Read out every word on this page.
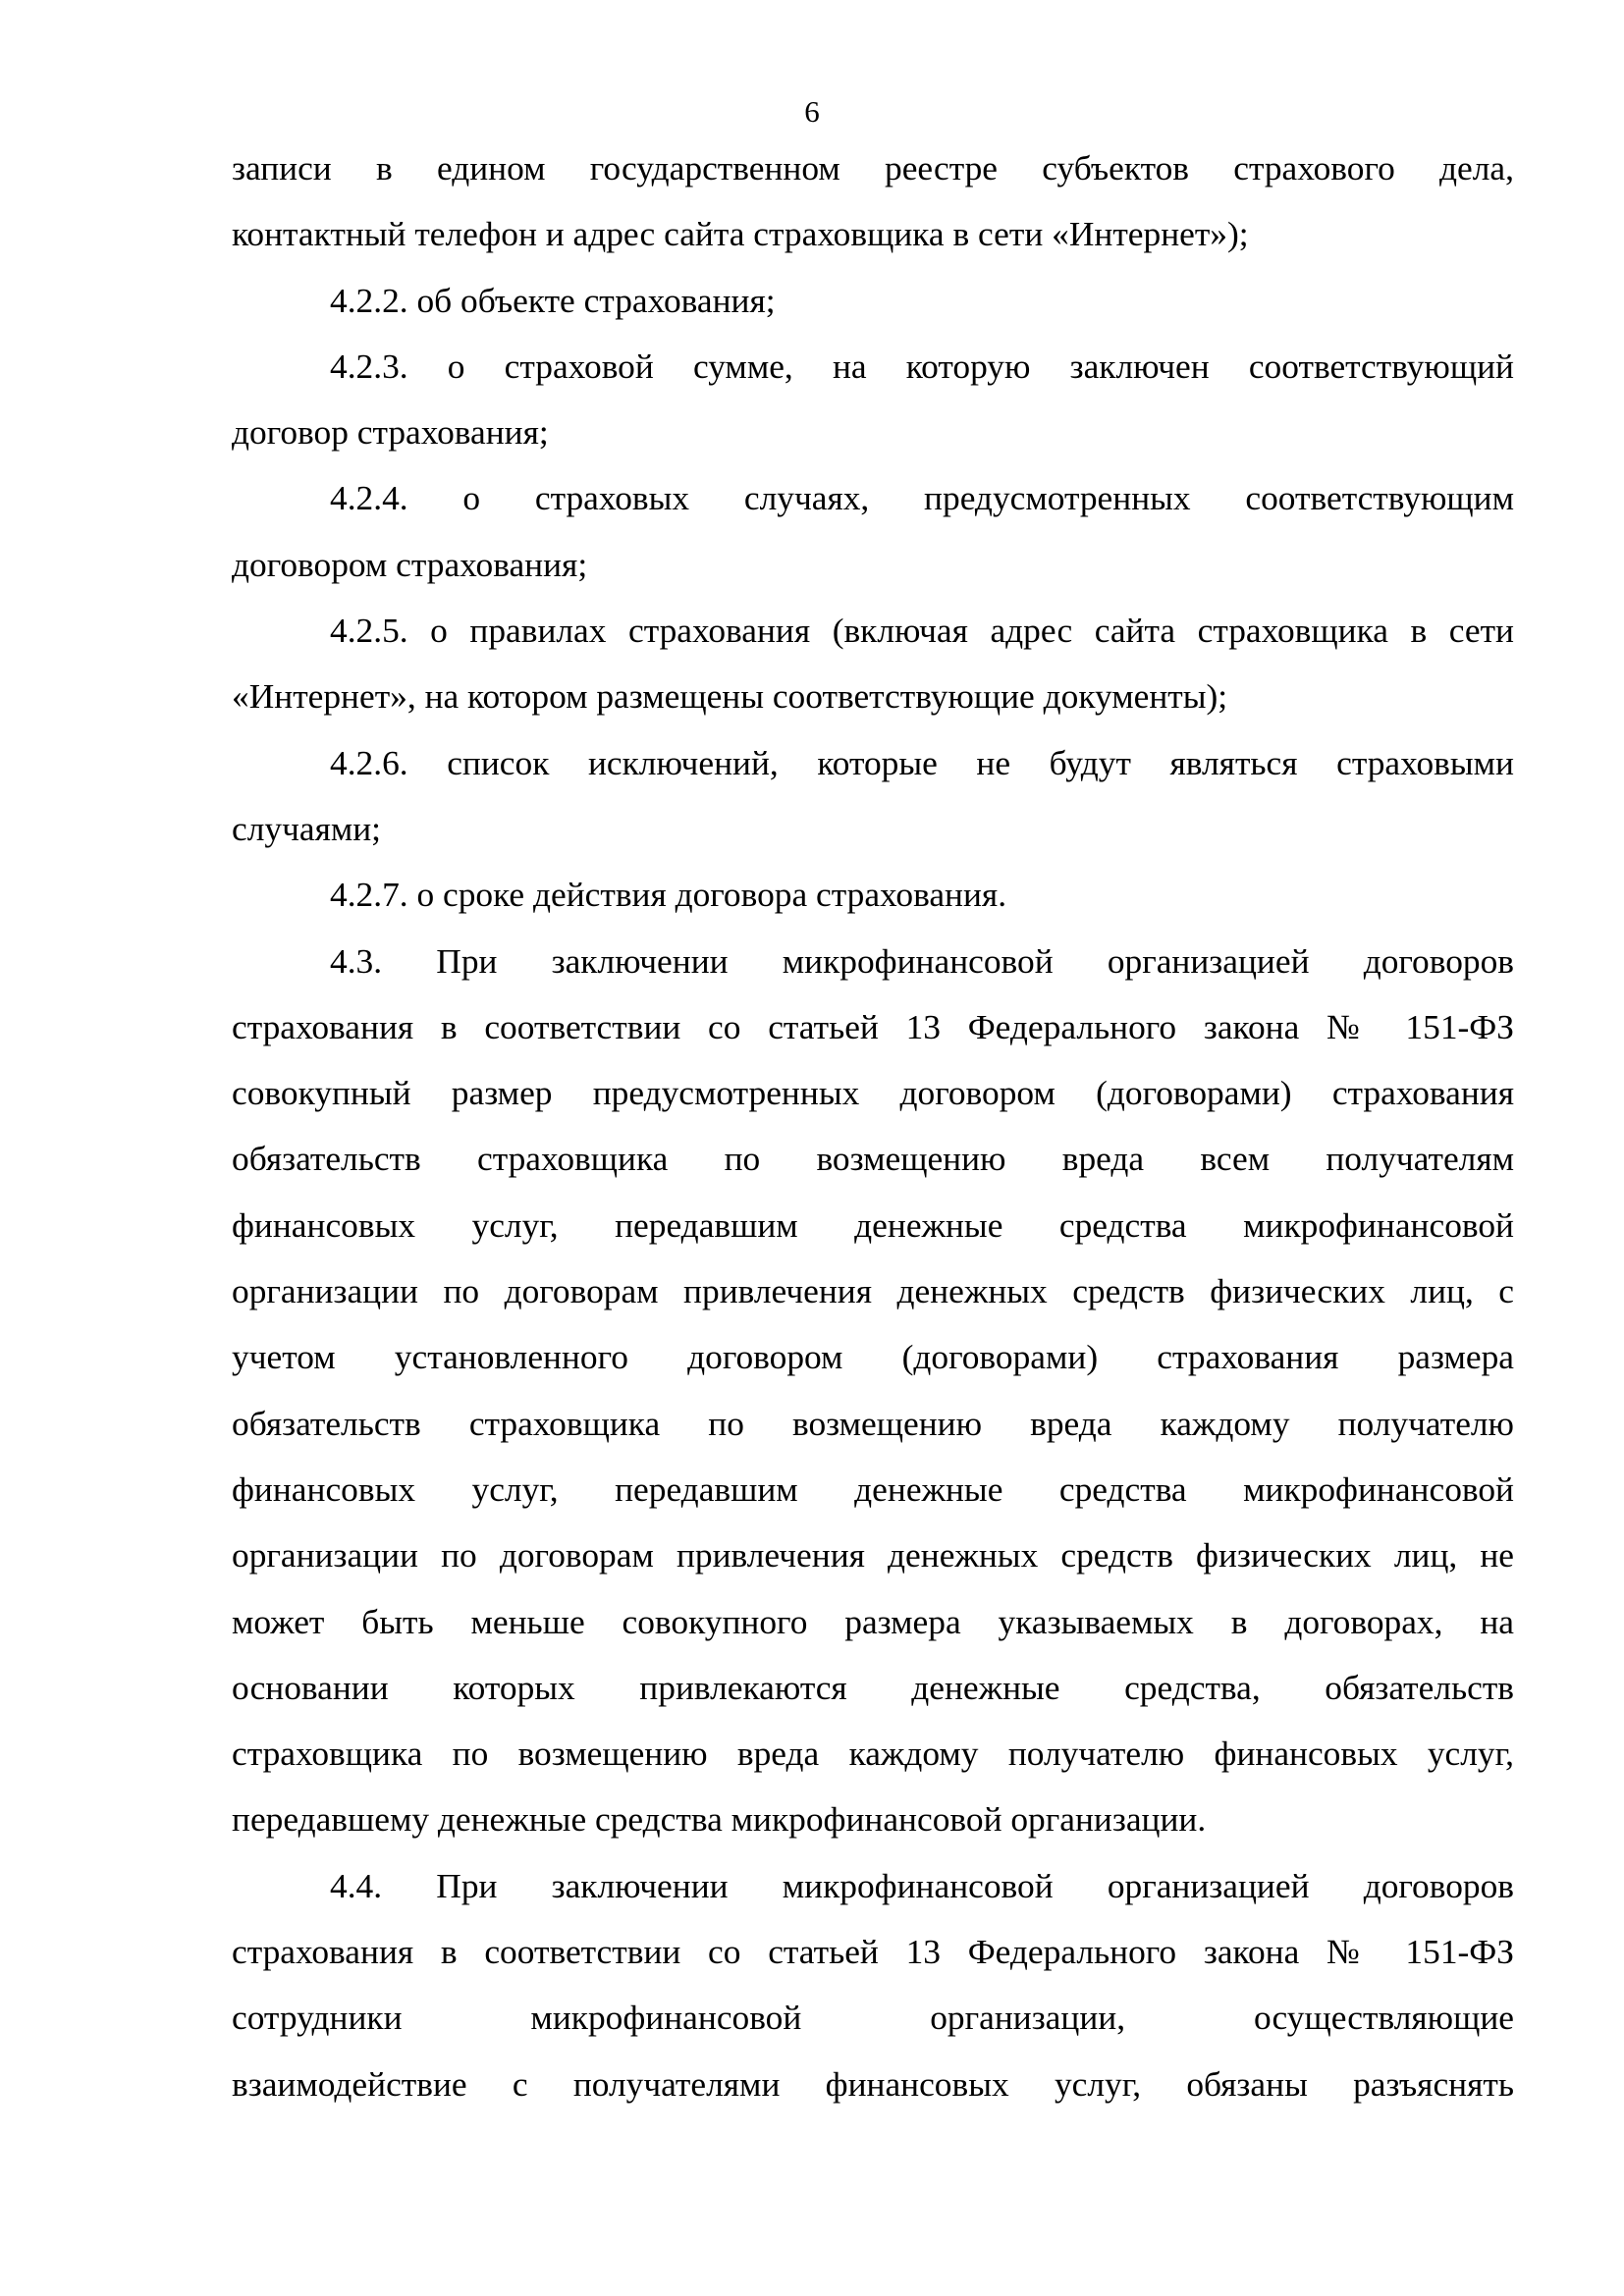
6
записи в едином государственном реестре субъектов страхового дела,
контактный телефон и адрес сайта страховщика в сети «Интернет»);
4.2.2. об объекте страхования;
4.2.3. о страховой сумме, на которую заключен соответствующий
договор страхования;
4.2.4. о страховых случаях, предусмотренных соответствующим
договором страхования;
4.2.5. о правилах страхования (включая адрес сайта страховщика в сети
«Интернет», на котором размещены соответствующие документы);
4.2.6. список исключений, которые не будут являться страховыми
случаями;
4.2.7. о сроке действия договора страхования.
4.3. При заключении микрофинансовой организацией договоров
страхования в соответствии со статьей 13 Федерального закона № 151-ФЗ
совокупный размер предусмотренных договором (договорами) страхования
обязательств страховщика по возмещению вреда всем получателям
финансовых услуг, передавшим денежные средства микрофинансовой
организации по договорам привлечения денежных средств физических лиц, с
учетом установленного договором (договорами) страхования размера
обязательств страховщика по возмещению вреда каждому получателю
финансовых услуг, передавшим денежные средства микрофинансовой
организации по договорам привлечения денежных средств физических лиц, не
может быть меньше совокупного размера указываемых в договорах, на
основании которых привлекаются денежные средства, обязательств
страховщика по возмещению вреда каждому получателю финансовых услуг,
передавшему денежные средства микрофинансовой организации.
4.4. При заключении микрофинансовой организацией договоров
страхования в соответствии со статьей 13 Федерального закона № 151-ФЗ
сотрудники микрофинансовой организации, осуществляющие
взаимодействие с получателями финансовых услуг, обязаны разъяснять
